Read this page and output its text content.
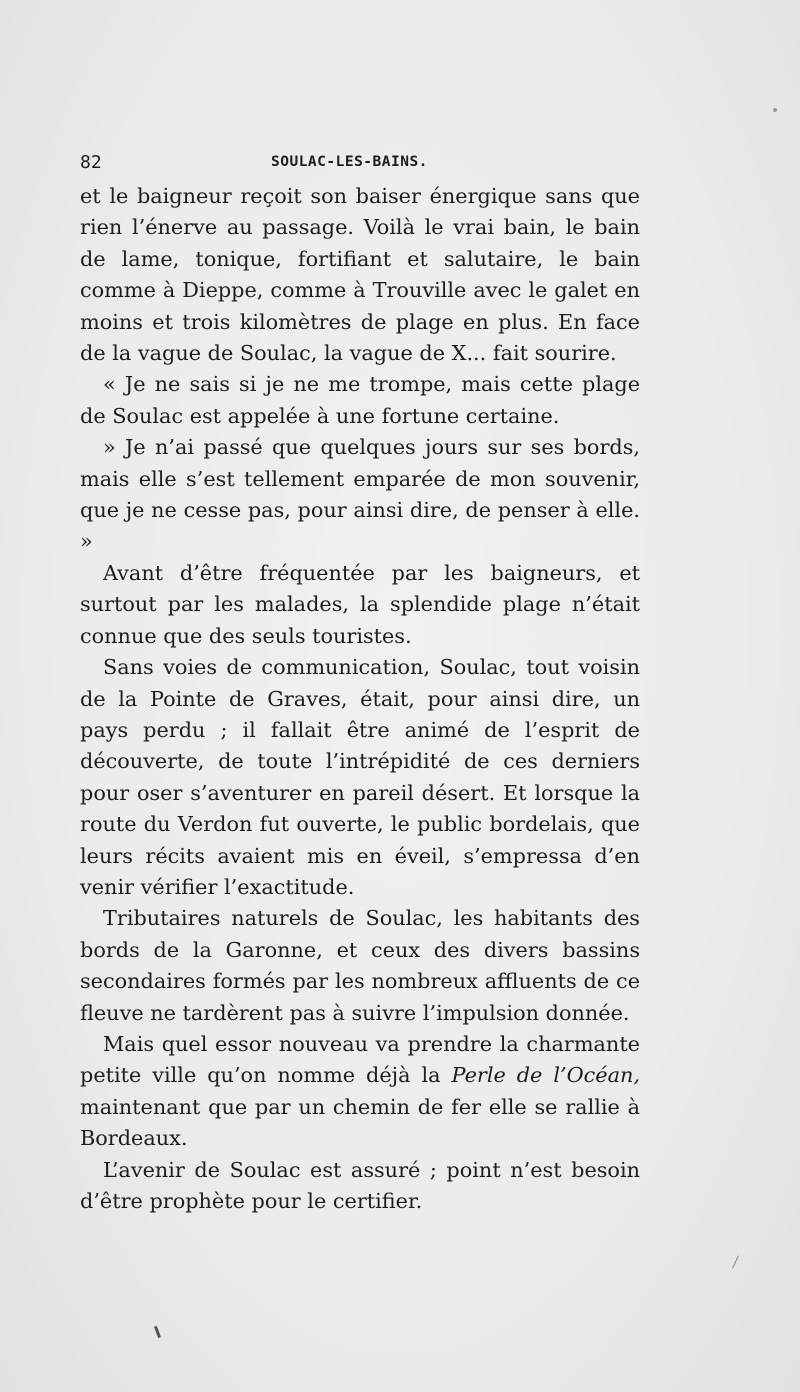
82	SOULAC-LES-BAINS.

et le baigneur reçoit son baiser énergique sans que rien l’énerve au passage. Voilà le vrai bain, le bain de lame, tonique, fortifiant et salutaire, le bain comme à Dieppe, comme à Trouville avec le galet en moins et trois kilomètres de plage en plus. En face de la vague de Soulac, la vague de X... fait sourire.

« Je ne sais si je ne me trompe, mais cette plage de Soulac est appelée à une fortune certaine.

» Je n’ai passé que quelques jours sur ses bords, mais elle s’est tellement emparée de mon souvenir, que je ne cesse pas, pour ainsi dire, de penser à elle. »

Avant d’être fréquentée par les baigneurs, et surtout par les malades, la splendide plage n’était connue que des seuls touristes.

Sans voies de communication, Soulac, tout voisin de la Pointe de Graves, était, pour ainsi dire, un pays perdu ; il fallait être animé de l’esprit de découverte, de toute l’intrépidité de ces derniers pour oser s’aventurer en pareil désert. Et lorsque la route du Verdon fut ouverte, le public bordelais, que leurs récits avaient mis en éveil, s’empressa d’en venir vérifier l’exactitude.

Tributaires naturels de Soulac, les habitants des bords de la Garonne, et ceux des divers bassins secondaires formés par les nombreux affluents de ce fleuve ne tardèrent pas à suivre l’impulsion donnée.

Mais quel essor nouveau va prendre la charmante petite ville qu’on nomme déjà la Perle de l’Océan, maintenant que par un chemin de fer elle se rallie à Bordeaux.

L’avenir de Soulac est assuré ; point n’est besoin d’être prophète pour le certifier.
